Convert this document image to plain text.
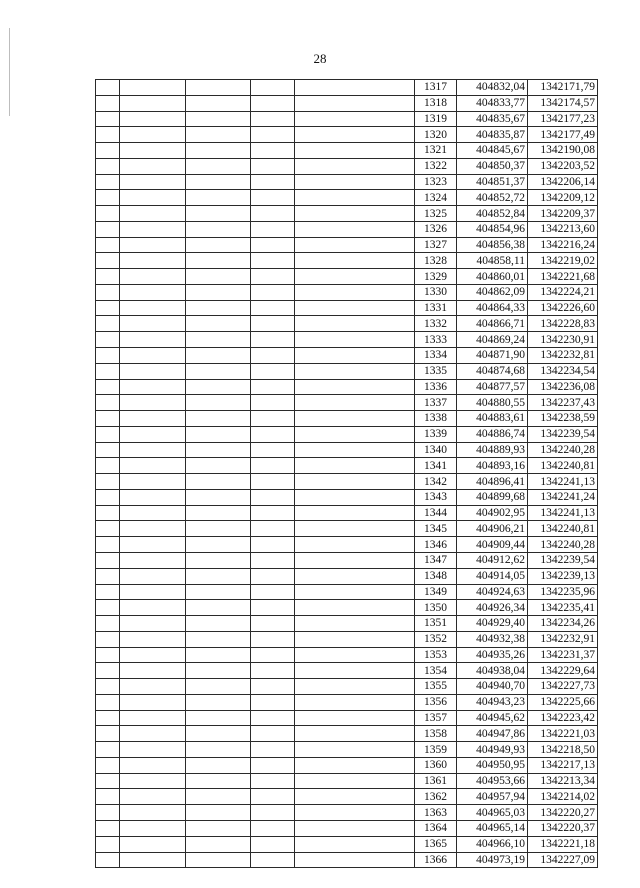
28
					1317	404832,04	1342171,79
					1318	404833,77	1342174,57
					1319	404835,67	1342177,23
					1320	404835,87	1342177,49
					1321	404845,67	1342190,08
					1322	404850,37	1342203,52
					1323	404851,37	1342206,14
					1324	404852,72	1342209,12
					1325	404852,84	1342209,37
					1326	404854,96	1342213,60
					1327	404856,38	1342216,24
					1328	404858,11	1342219,02
					1329	404860,01	1342221,68
					1330	404862,09	1342224,21
					1331	404864,33	1342226,60
					1332	404866,71	1342228,83
					1333	404869,24	1342230,91
					1334	404871,90	1342232,81
					1335	404874,68	1342234,54
					1336	404877,57	1342236,08
					1337	404880,55	1342237,43
					1338	404883,61	1342238,59
					1339	404886,74	1342239,54
					1340	404889,93	1342240,28
					1341	404893,16	1342240,81
					1342	404896,41	1342241,13
					1343	404899,68	1342241,24
					1344	404902,95	1342241,13
					1345	404906,21	1342240,81
					1346	404909,44	1342240,28
					1347	404912,62	1342239,54
					1348	404914,05	1342239,13
					1349	404924,63	1342235,96
					1350	404926,34	1342235,41
					1351	404929,40	1342234,26
					1352	404932,38	1342232,91
					1353	404935,26	1342231,37
					1354	404938,04	1342229,64
					1355	404940,70	1342227,73
					1356	404943,23	1342225,66
					1357	404945,62	1342223,42
					1358	404947,86	1342221,03
					1359	404949,93	1342218,50
					1360	404950,95	1342217,13
					1361	404953,66	1342213,34
					1362	404957,94	1342214,02
					1363	404965,03	1342220,27
					1364	404965,14	1342220,37
					1365	404966,10	1342221,18
					1366	404973,19	1342227,09
